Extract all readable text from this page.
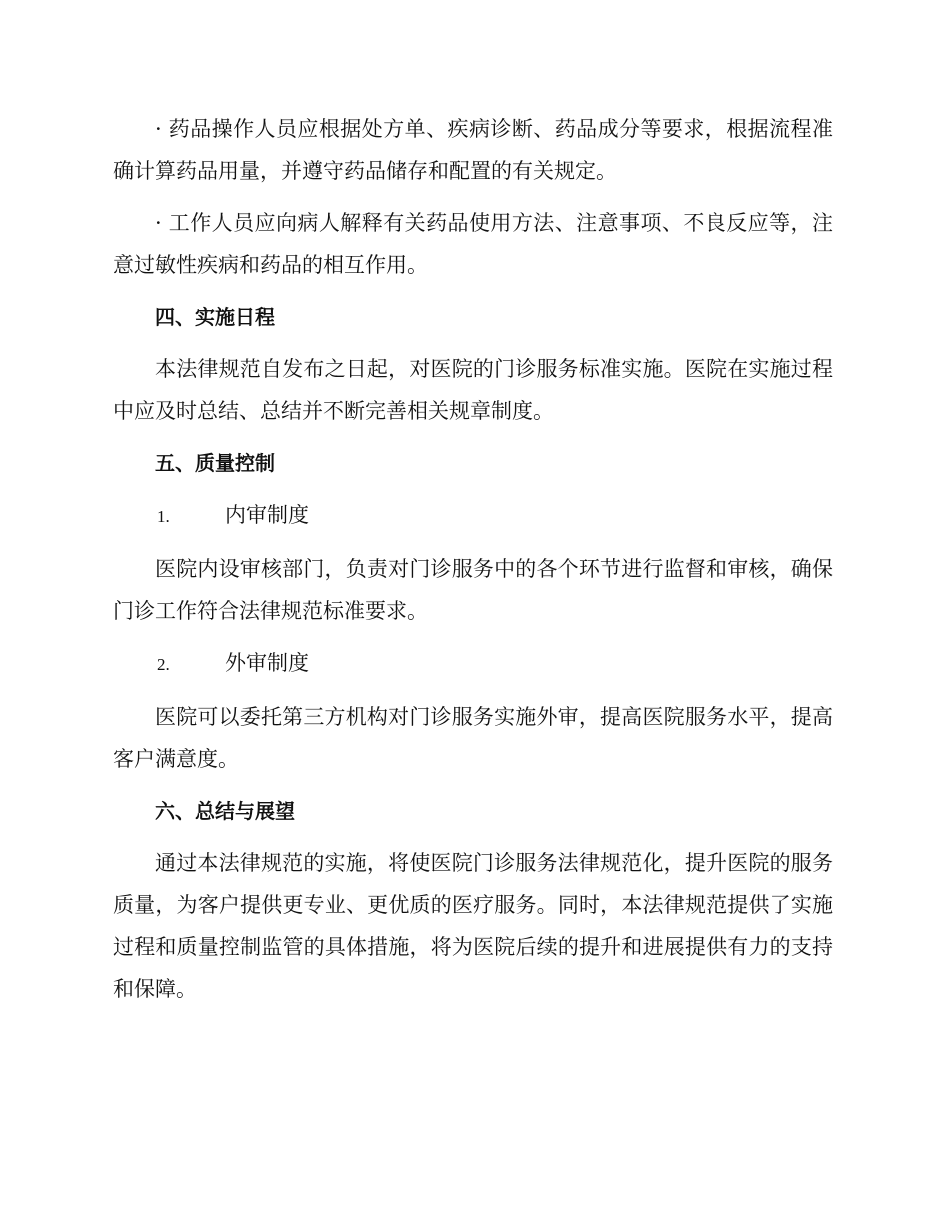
· 药品操作人员应根据处方单、疾病诊断、药品成分等要求，根据流程准确计算药品用量，并遵守药品储存和配置的有关规定。

· 工作人员应向病人解释有关药品使用方法、注意事项、不良反应等，注意过敏性疾病和药品的相互作用。

四、实施日程

本法律规范自发布之日起，对医院的门诊服务标准实施。医院在实施过程中应及时总结、总结并不断完善相关规章制度。

五、质量控制

1.	内审制度

医院内设审核部门，负责对门诊服务中的各个环节进行监督和审核，确保门诊工作符合法律规范标准要求。

2.	外审制度

医院可以委托第三方机构对门诊服务实施外审，提高医院服务水平，提高客户满意度。

六、总结与展望

通过本法律规范的实施，将使医院门诊服务法律规范化，提升医院的服务质量，为客户提供更专业、更优质的医疗服务。同时，本法律规范提供了实施过程和质量控制监管的具体措施，将为医院后续的提升和进展提供有力的支持和保障。
